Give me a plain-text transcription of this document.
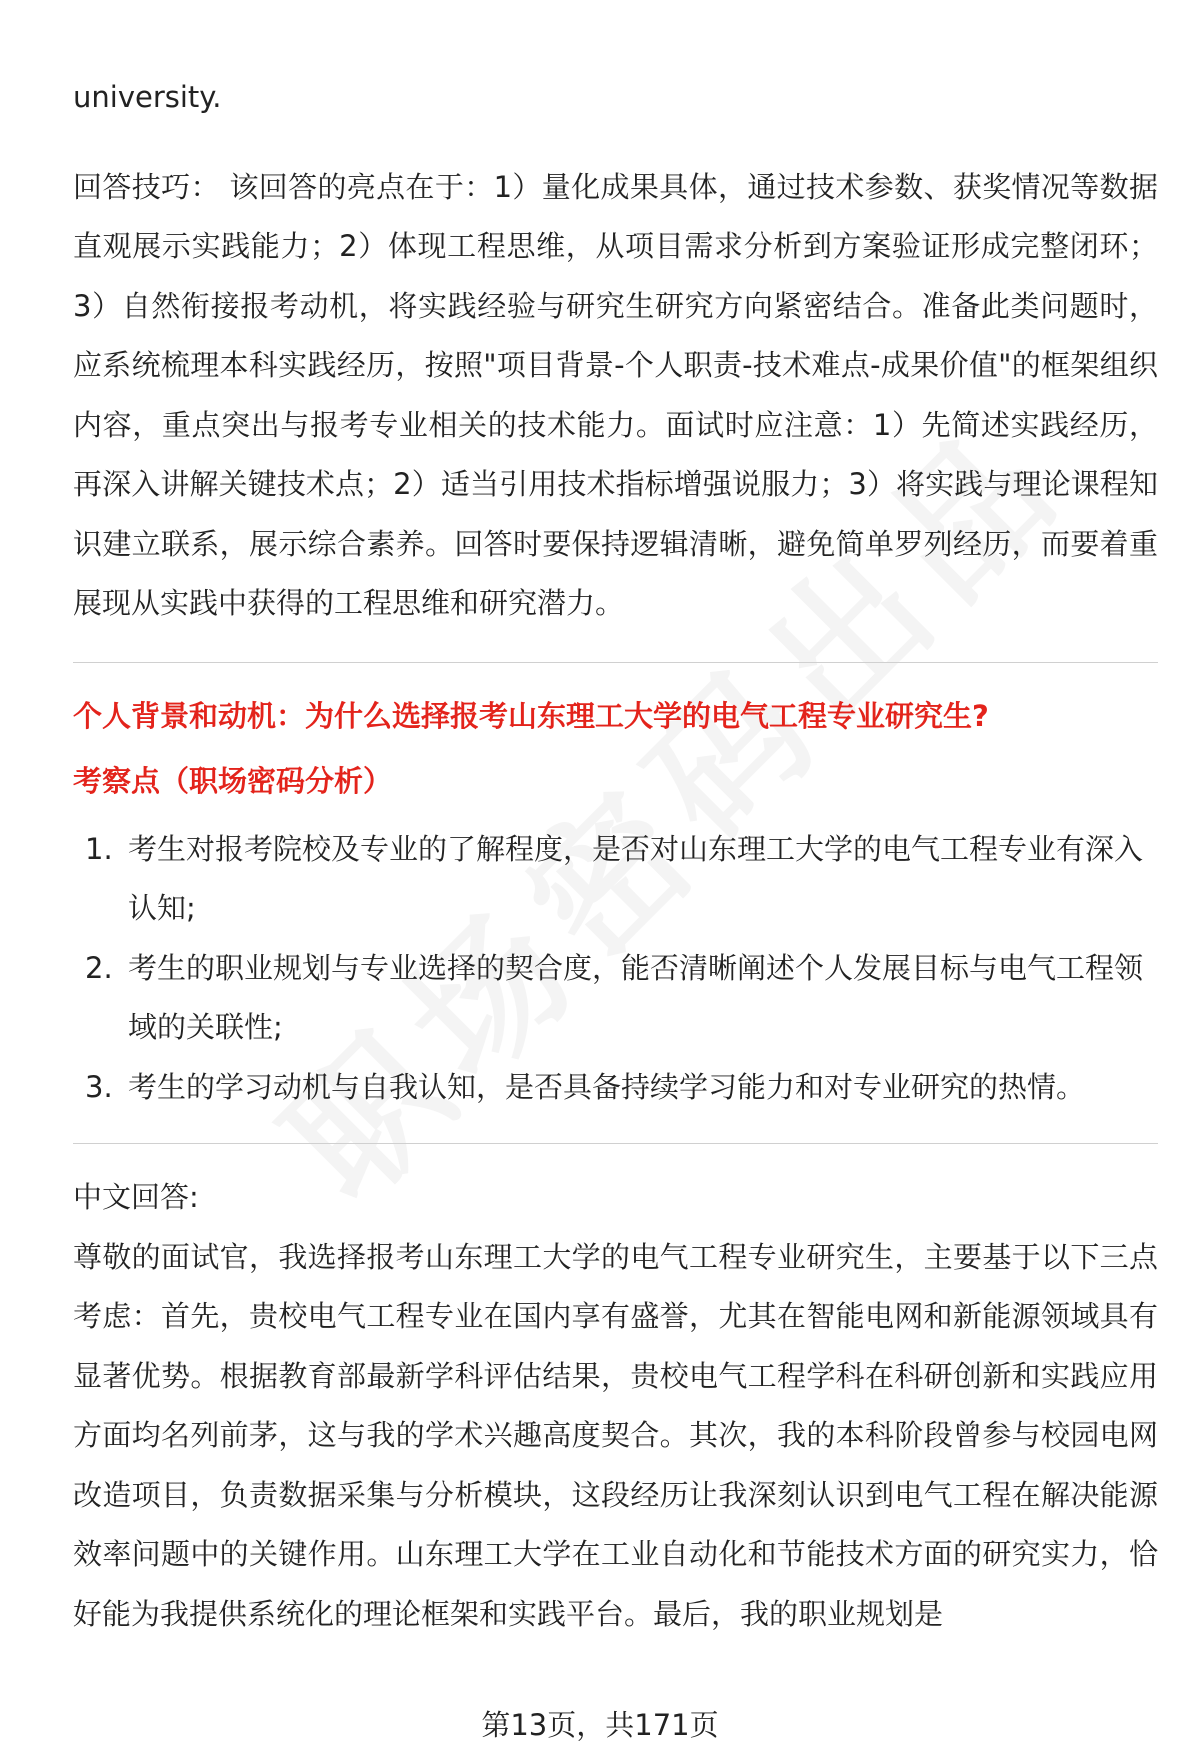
university.

回答技巧： 该回答的亮点在于：1）量化成果具体，通过技术参数、获奖情况等数据直观展示实践能力；2）体现工程思维，从项目需求分析到方案验证形成完整闭环；3）自然衔接报考动机，将实践经验与研究生研究方向紧密结合。准备此类问题时，应系统梳理本科实践经历，按照"项目背景-个人职责-技术难点-成果价值"的框架组织内容，重点突出与报考专业相关的技术能力。面试时应注意：1）先简述实践经历，再深入讲解关键技术点；2）适当引用技术指标增强说服力；3）将实践与理论课程知识建立联系，展示综合素养。回答时要保持逻辑清晰，避免简单罗列经历，而要着重展现从实践中获得的工程思维和研究潜力。

个人背景和动机：为什么选择报考山东理工大学的电气工程专业研究生?

考察点（职场密码分析）

1. 考生对报考院校及专业的了解程度，是否对山东理工大学的电气工程专业有深入认知;
2. 考生的职业规划与专业选择的契合度，能否清晰阐述个人发展目标与电气工程领域的关联性;
3. 考生的学习动机与自我认知，是否具备持续学习能力和对专业研究的热情。

中文回答:

尊敬的面试官，我选择报考山东理工大学的电气工程专业研究生，主要基于以下三点考虑：首先，贵校电气工程专业在国内享有盛誉，尤其在智能电网和新能源领域具有显著优势。根据教育部最新学科评估结果，贵校电气工程学科在科研创新和实践应用方面均名列前茅，这与我的学术兴趣高度契合。其次，我的本科阶段曾参与校园电网改造项目，负责数据采集与分析模块，这段经历让我深刻认识到电气工程在解决能源效率问题中的关键作用。山东理工大学在工业自动化和节能技术方面的研究实力，恰好能为我提供系统化的理论框架和实践平台。最后，我的职业规划是

第13页，共171页
